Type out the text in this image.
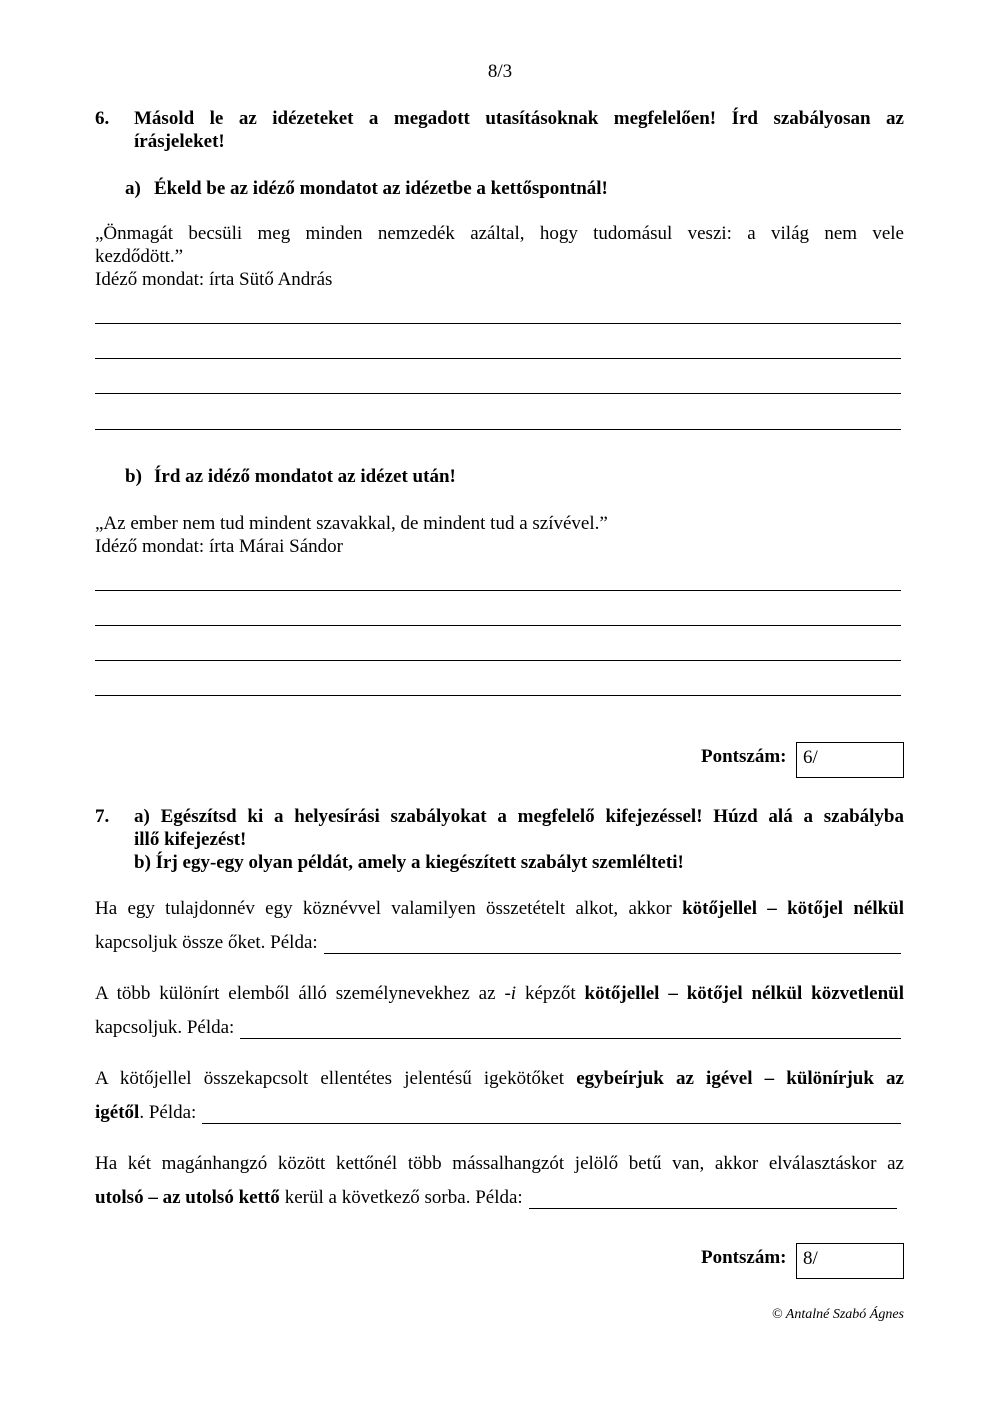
8/3
6. Másold le az idézeteket a megadott utasításoknak megfelelően! Írd szabályosan az
írásjeleket!
a) Ékeld be az idéző mondatot az idézetbe a kettőspontnál!
„Önmagát becsüli meg minden nemzedék azáltal, hogy tudomásul veszi: a világ nem vele
kezdődött.”
Idéző mondat: írta Sütő András
b) Írd az idéző mondatot az idézet után!
„Az ember nem tud mindent szavakkal, de mindent tud a szívével.”
Idéző mondat: írta Márai Sándor
Pontszám: 6/
7. a) Egészítsd ki a helyesírási szabályokat a megfelelő kifejezéssel! Húzd alá a szabályba
illő kifejezést!
b) Írj egy-egy olyan példát, amely a kiegészített szabályt szemlélteti!
Ha egy tulajdonnév egy köznévvel valamilyen összetételt alkot, akkor kötőjellel – kötőjel nélkül
kapcsoljuk össze őket. Példa:
A több különírt elemből álló személynevekhez az -i képzőt kötőjellel – kötőjel nélkül közvetlenül
kapcsoljuk. Példa:
A kötőjellel összekapcsolt ellentétes jelentésű igekötőket egybeírjuk az igével – különírjuk az
igétől . Példa:
Ha két magánhangzó között kettőnél több mássalhangzót jelölő betű van, akkor elválasztáskor az
utolsó – az utolsó kettő kerül a következő sorba. Példa:
Pontszám: 8/
© Antalné Szabó Ágnes
